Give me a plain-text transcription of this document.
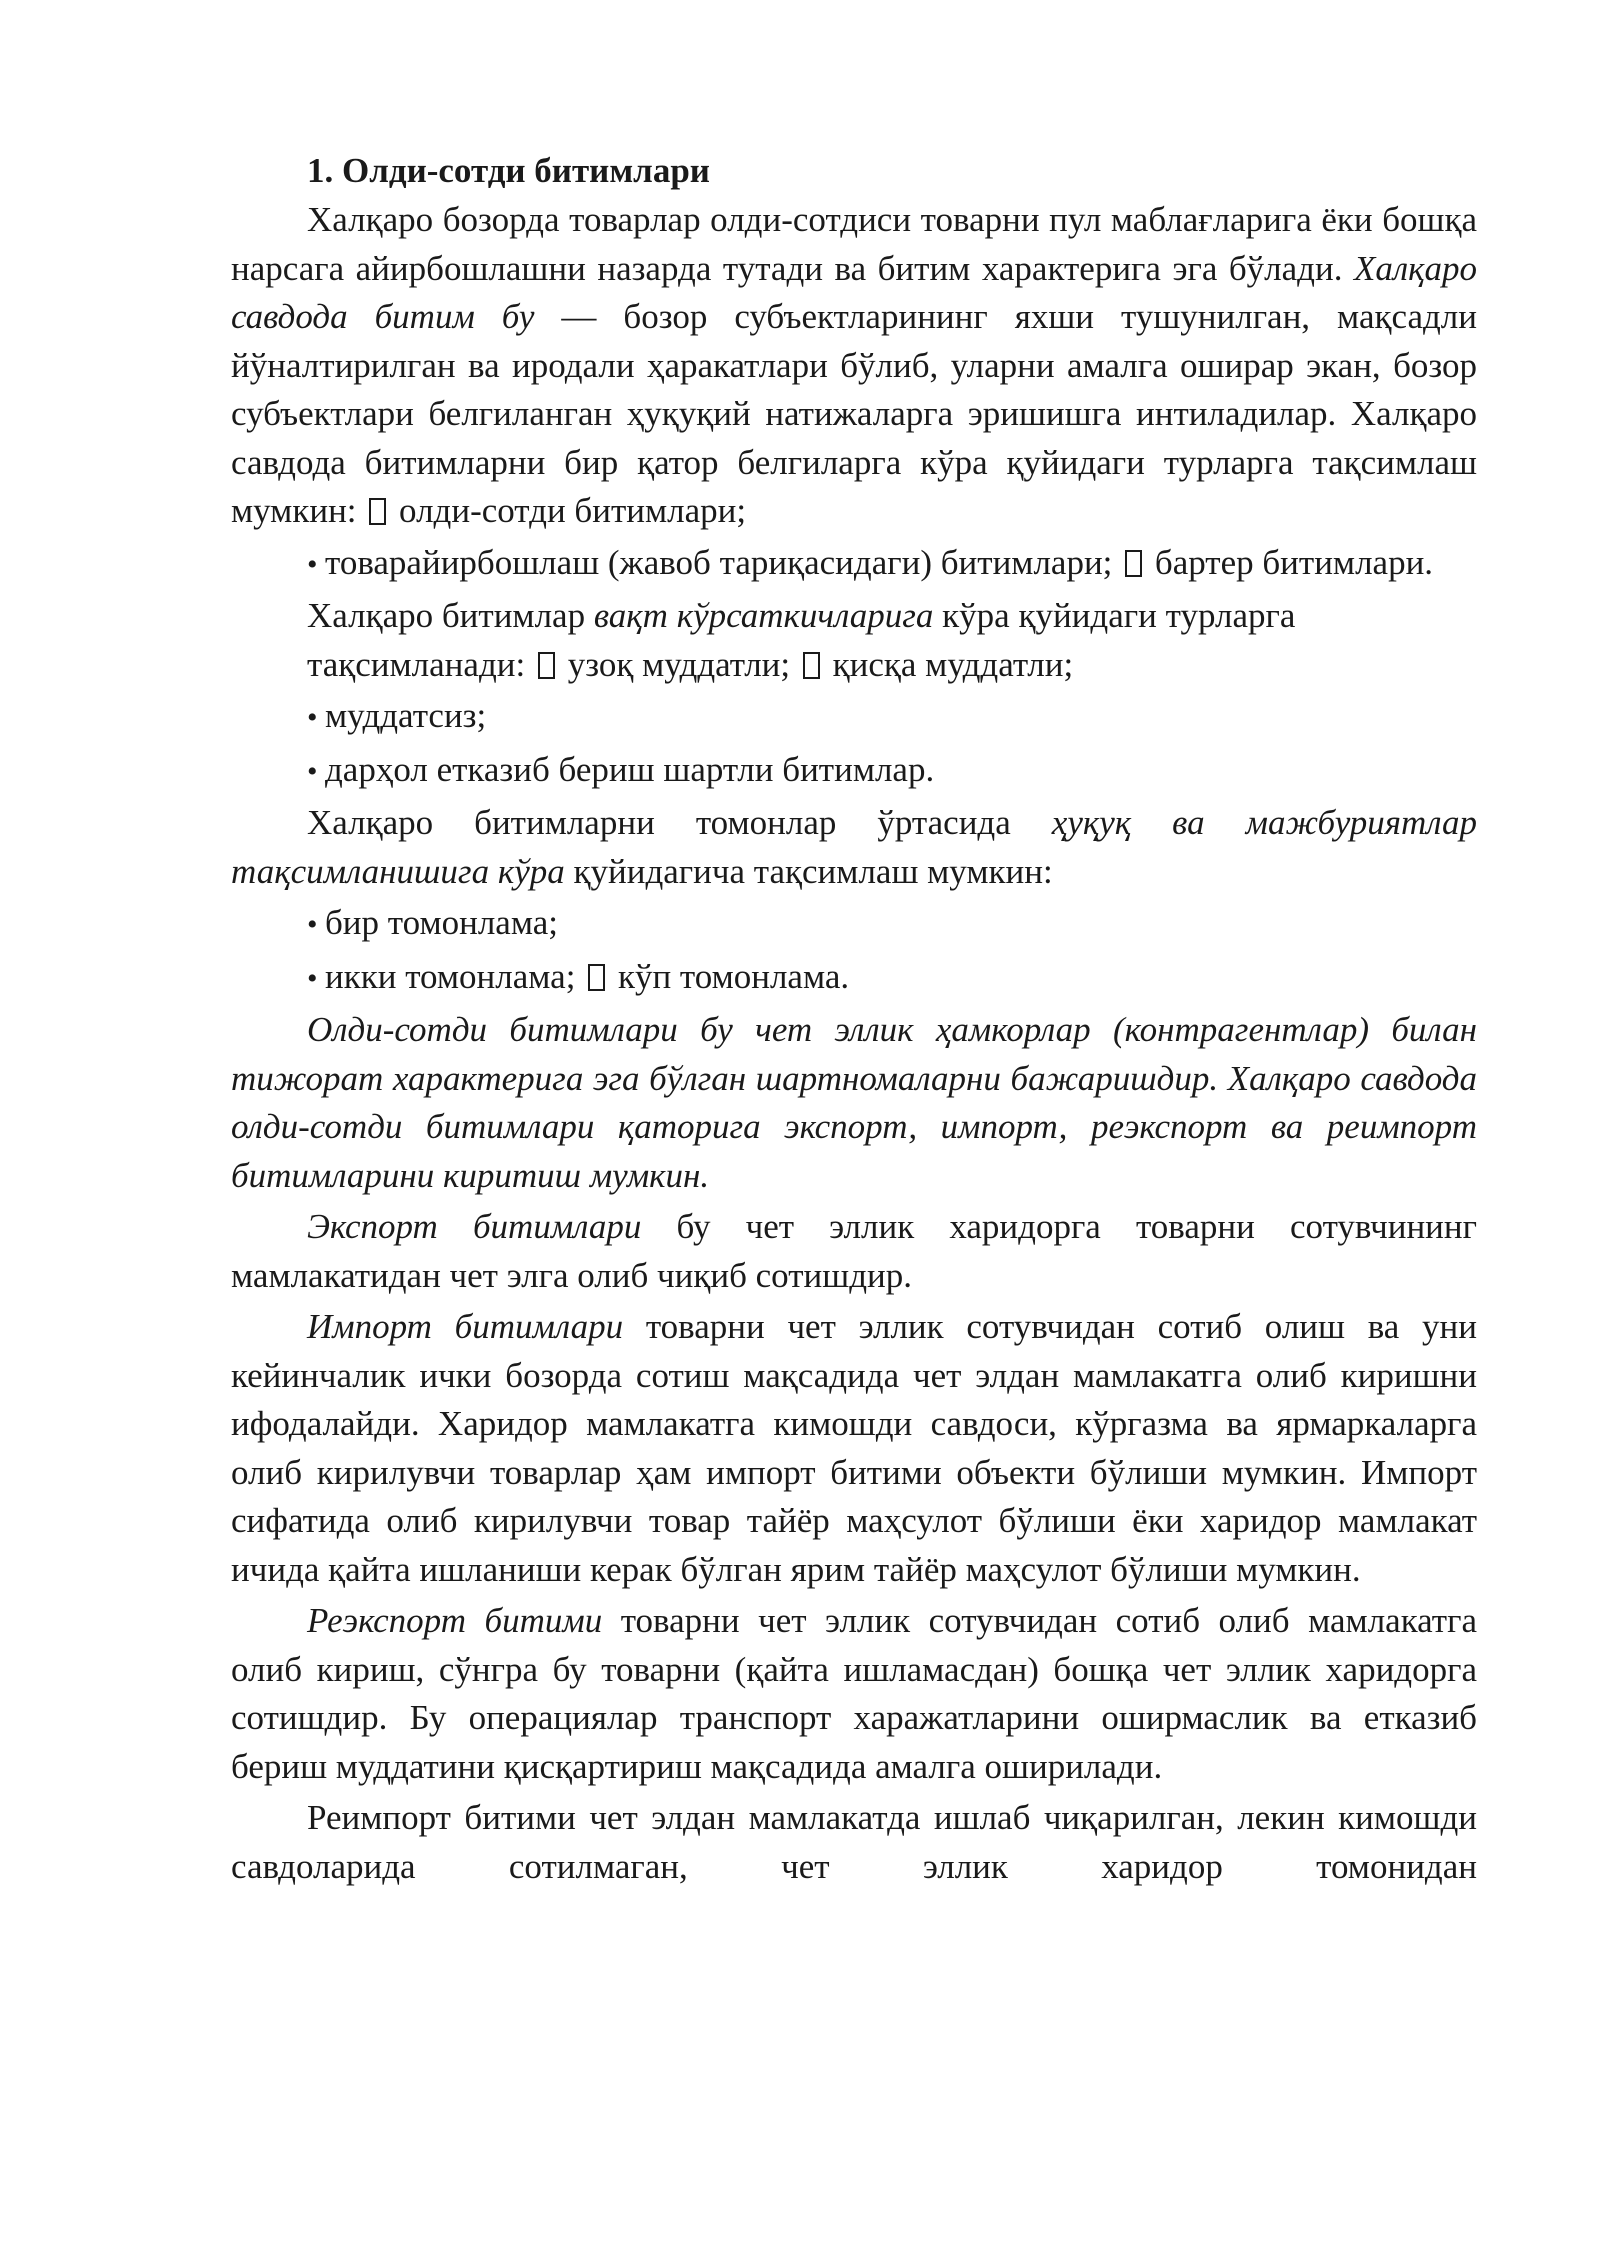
1. Олди-сотди битимлари

Халқаро бозорда товарлар олди-сотдиси товарни пул маблағларига ёки бошқа нарсага айирбошлашни назарда тутади ва битим характерига эга бўлади. Халқаро савдода битим бу — бозор субъектларининг яхши тушунилган, мақсадли йўналтирилган ва иродали ҳаракатлари бўлиб, уларни амалга оширар экан, бозор субъектлари белгиланган ҳуқуқий натижаларга эришишга интиладилар. Халқаро савдода битимларни бир қатор белгиларга кўра қуйидаги турларга тақсимлаш мумкин:  олди-сотди битимлари;

• товарайирбошлаш (жавоб тариқасидаги) битимлари;  бартер битимлари.

Халқаро битимлар вақт кўрсаткичларига кўра қуйидаги турларга тақсимланади:  узоқ муддатли;  қисқа муддатли;

• муддатсиз;
• дарҳол етказиб бериш шартли битимлар.

Халқаро битимларни томонлар ўртасида ҳуқуқ ва мажбуриятлар тақсимланишига кўра қуйидагича тақсимлаш мумкин:

• бир томонлама;
• икки томонлама;  кўп томонлама.

Олди-сотди битимлари бу чет эллик ҳамкорлар (контрагентлар) билан тижорат характерига эга бўлган шартномаларни бажаришдир. Халқаро савдода олди-сотди битимлари қаторига экспорт, импорт, реэкспорт ва реимпорт битимларини киритиш мумкин.

Экспорт битимлари бу чет эллик харидорга товарни сотувчининг мамлакатидан чет элга олиб чиқиб сотишдир.

Импорт битимлари товарни чет эллик сотувчидан сотиб олиш ва уни кейинчалик ички бозорда сотиш мақсадида чет элдан мамлакатга олиб киришни ифодалайди. Харидор мамлакатга кимошди савдоси, кўргазма ва ярмаркаларга олиб кирилувчи товарлар ҳам импорт битими объекти бўлиши мумкин. Импорт сифатида олиб кирилувчи товар тайёр маҳсулот бўлиши ёки харидор мамлакат ичида қайта ишланиши керак бўлган ярим тайёр маҳсулот бўлиши мумкин.

Реэкспорт битими товарни чет эллик сотувчидан сотиб олиб мамлакатга олиб кириш, сўнгра бу товарни (қайта ишламасдан) бошқа чет эллик харидорга сотишдир. Бу операциялар транспорт харажатларини оширмаслик ва етказиб бериш муддатини қисқартириш мақсадида амалга оширилади.

Реимпорт битими чет элдан мамлакатда ишлаб чиқарилган, лекин кимошди савдоларида сотилмаган, чет эллик харидор томонидан
